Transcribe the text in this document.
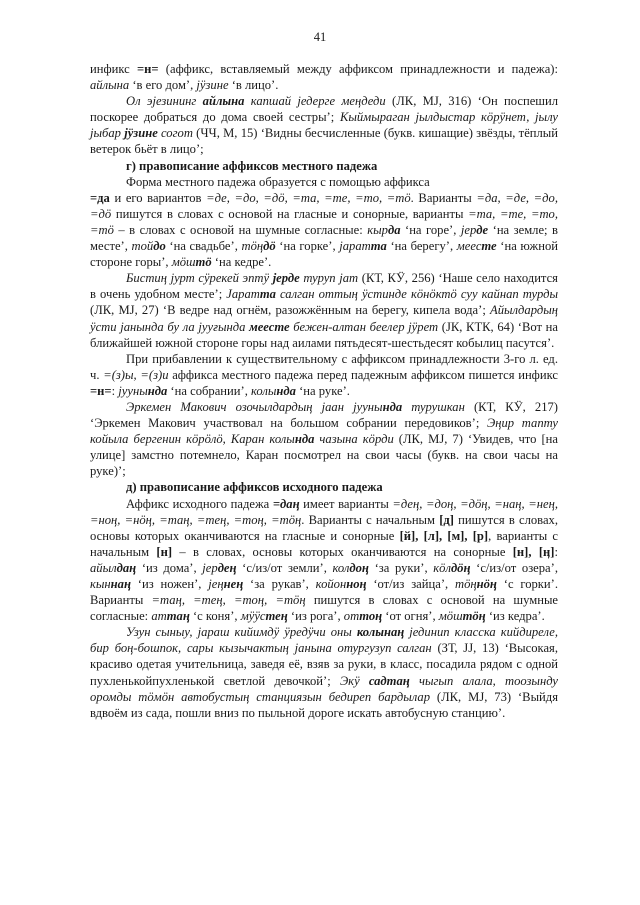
41

инфикс =н= (аффикс, вставляемый между аффиксом принадлежности и падежа): айлына ‘в его дом’, јӱзине ‘в лицо’.

Ол эјезининг айлына капшай једерге меңдеди (ЛК, МЈ, 316) ‘Он поспешил поскорее добраться до дома своей сестры’; Кыймыраган јылдыстар кӧрӱнет, јылу јыбар јӱзине согот (ЧЧ, М, 15) ‘Видны бесчисленные (букв. кишащие) звёзды, тёплый ветерок бьёт в лицо’;

г) правописание аффиксов местного падежа

Форма местного падежа образуется с помощью аффикса

=да и его вариантов =де, =до, =дӧ, =та, =те, =то, =тӧ. Варианты =да, =де, =до, =дӧ пишутся в словах с основой на гласные и сонорные, варианты =та, =те, =то, =тӧ – в словах с основой на шумные согласные: кырда ‘на горе’, јерде ‘на земле; в месте’, тойдо ‘на свадьбе’, тӧӊдӧ ‘на горке’, јаратта ‘на берегу’, меесте ‘на южной стороне горы’, мӧштӧ ‘на кедре’.

Бистиӊ јурт сӱрекей эптӱ јерде туруп јат (КТ, КӰ, 256) ‘Наше село находится в очень удобном месте’; Јаратта салган оттыӊ ӱстинде кӧнӧктӧ суу кайнап турды (ЛК, МЈ, 27) ‘В ведре над огнём, разожжённым на берегу, кипела вода’; Айылдардыӊ ӱсти јанында бу ла јууғында меесте бежен-алтан беелер јӱрет (ЈК, КТК, 64) ‘Вот на ближайшей южной стороне горы над аилами пятьдесят-шестьдесят кобылиц пасутся’.

При прибавлении к существительному с аффиксом принадлежности 3-го л. ед. ч. =(з)ы, =(з)и аффикса местного падежа перед падежным аффиксом пишется инфикс =н=: јуунында ‘на собрании’, колында ‘на руке’.

Эркемен Макович озочылдардыӊ јаан јуунында турушкан (КТ, КӰ, 217) ‘Эркемен Макович участвовал на большом собрании передовиков’; Эӊир тапту койыла бергенин кӧрӧлӧ, Каран колында чазына кӧрди (ЛК, МЈ, 7) ‘Увидев, что [на улице] замстно потемнело, Каран посмотрел на свои часы (букв. на свои часы на руке)’;

д) правописание аффиксов исходного падежа

Аффикс исходного падежа =даӊ имеет варианты =деӊ, =доӊ, =дӧӊ, =наӊ, =нeӊ, =ноӊ, =нӧӊ, =таӊ, =теӊ, =тоӊ, =тӧӊ. Варианты с начальным [д] пишутся в словах, основы которых оканчиваются на гласные и сонорные [й], [л], [м], [р], варианты с начальным [н] – в словах, основы которых оканчиваются на сонорные [н], [ӊ]: айылдаӊ ‘из дома’, јердеӊ ‘с/из/от земли’, колдоӊ ‘за руки’, кӧлдӧӊ ‘с/из/от озера’, кыннаӊ ‘из ножен’, јеӊнеӊ ‘за рукав’, койонноӊ ‘от/из зайца’, тӧӊнӧӊ ‘с горки’. Варианты =таӊ, =теӊ, =тоӊ, =тӧӊ пишутся в словах с основой на шумные согласные: аттаӊ ‘с коня’, мӱӱстеӊ ‘из рога’, оттоӊ ‘от огня’, мӧштӧӊ ‘из кедра’.

Узун сыныу, јараш кийимдӱ ӱредӱчи оны колынаӊ јединип класска кийдиреле, бир боӊ-бошпок, сары кызычактыӊ јанына отургузуп салган (ЗТ, ЈЈ, 13) ‘Высокая, красиво одетая учительница, заведя её, взяв за руки, в класс, посадила рядом с одной пухленькойпухленькой светлой девочкой’; Экӱ садтаӊ чыгып алала, тоозынду оромды тӧмӧн автобустыӊ станциязын бедиреп бардылар (ЛК, МЈ, 73) ‘Выйдя вдвоём из сада, пошли вниз по пыльной дороге искать автобусную станцию’.
